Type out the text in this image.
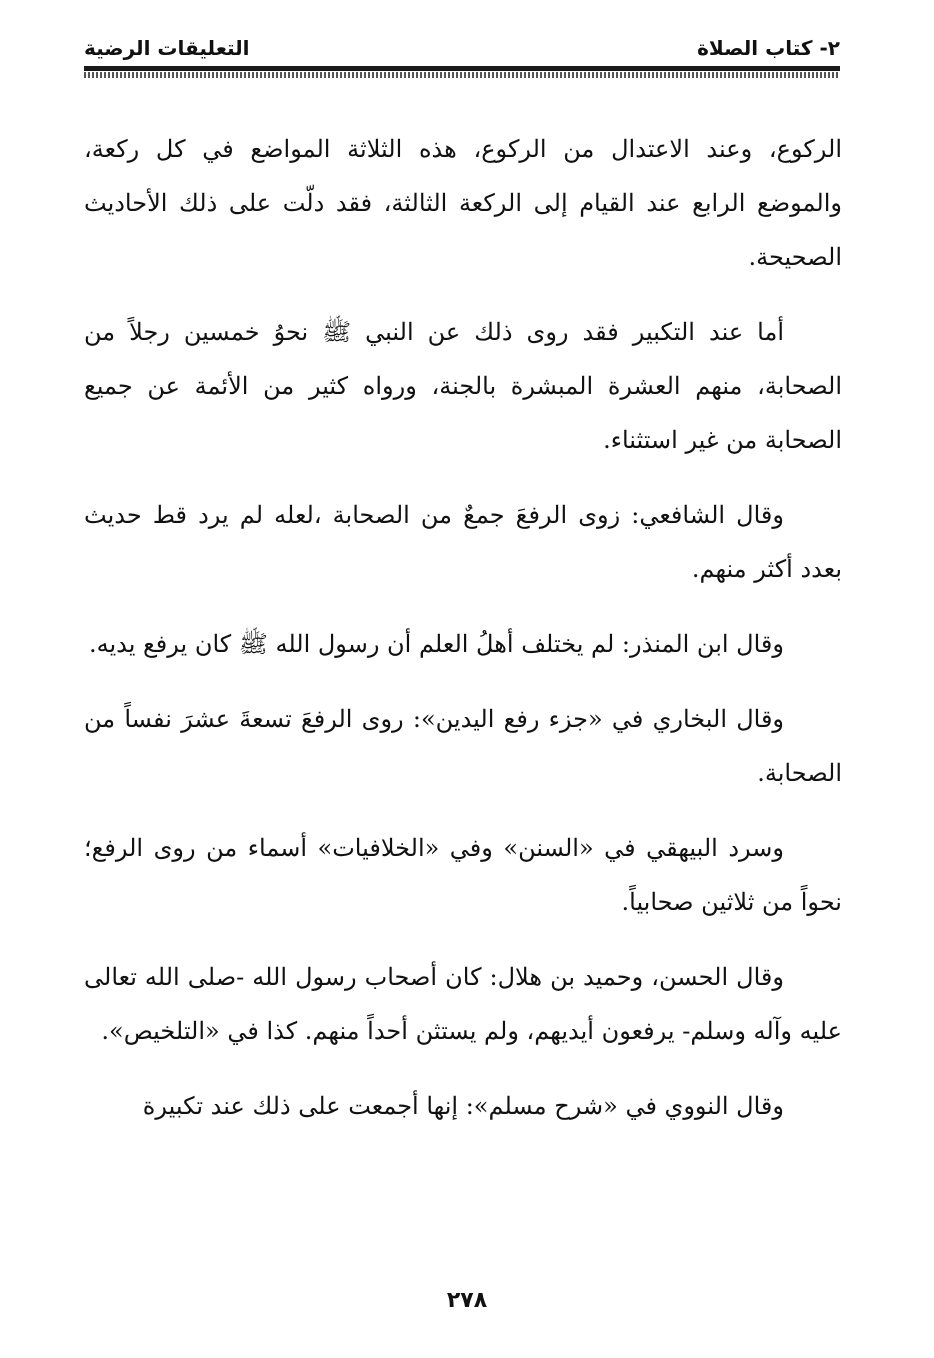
٢- كتاب الصلاة
التعليقات الرضية

الركوع، وعند الاعتدال من الركوع، هذه الثلاثة المواضع في كل ركعة، والموضع الرابع عند القيام إلى الركعة الثالثة، فقد دلّت على ذلك الأحاديث الصحيحة.

أما عند التكبير فقد روى ذلك عن النبي ﷺ نحوُ خمسين رجلاً من الصحابة، منهم العشرة المبشرة بالجنة، ورواه كثير من الأئمة عن جميع الصحابة من غير استثناء.

وقال الشافعي: زوى الرفعَ جمعٌ من الصحابة ،لعله لم يرد قط حديث بعدد أكثر منهم.

وقال ابن المنذر: لم يختلف أهلُ العلم أن رسول الله ﷺ كان يرفع يديه.

وقال البخاري في «جزء رفع اليدين»: روى الرفعَ تسعةَ عشرَ نفساً من الصحابة.

وسرد البيهقي في «السنن» وفي «الخلافيات» أسماء من روى الرفع؛ نحواً من ثلاثين صحابياً.

وقال الحسن، وحميد بن هلال: كان أصحاب رسول الله -صلى الله تعالى عليه وآله وسلم- يرفعون أيديهم، ولم يستثن أحداً منهم. كذا في «التلخيص».

وقال النووي في «شرح مسلم»: إنها أجمعت على ذلك عند تكبيرة

٢٧٨
